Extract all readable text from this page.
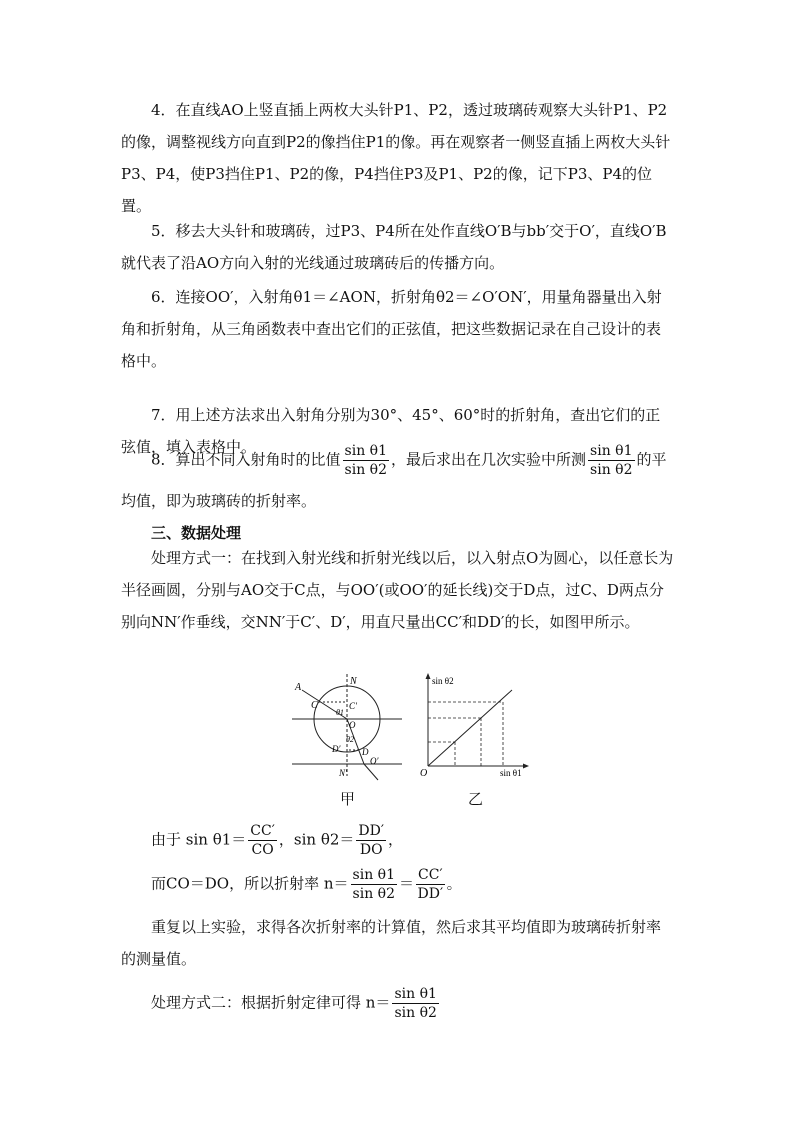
4．在直线AO上竖直插上两枚大头针P1、P2，透过玻璃砖观察大头针P1、P2的像，调整视线方向直到P2的像挡住P1的像。再在观察者一侧竖直插上两枚大头针P3、P4，使P3挡住P1、P2的像，P4挡住P3及P1、P2的像，记下P3、P4的位置。

5．移去大头针和玻璃砖，过P3、P4所在处作直线O′B与bb′交于O′，直线O′B就代表了沿AO方向入射的光线通过玻璃砖后的传播方向。

6．连接OO′，入射角θ1＝∠AON，折射角θ2＝∠O′ON′，用量角器量出入射角和折射角，从三角函数表中查出它们的正弦值，把这些数据记录在自己设计的表格中。

7．用上述方法求出入射角分别为30°、45°、60°时的折射角，查出它们的正弦值，填入表格中。

8．算出不同入射角时的比值 $\frac{\text{sin θ1}}{\text{sin θ2}}$ ，最后求出在几次实验中所测 $\frac{\text{sin θ1}}{\text{sin θ2}}$ 的平
均值，即为玻璃砖的折射率。
三、数据处理

处理方式一：在找到入射光线和折射光线以后，以入射点O为圆心，以任意长为半径画圆，分别与AO交于C点，与OO′(或OO′的延长线)交于D点，过C、D两点分别向NN′作垂线，交NN′于C′、D′，用直尺量出CC′和DD′的长，如图甲所示。

A
N
C	C′
O
θ1
θ2
D′ D
O′
N′
甲
sin θ2
sin θ1
O
乙
由于 $\sin \theta 1= \frac{CC'}{CO}$ ，$\sin \theta 2= \frac{DD'}{DO}$ ，
而CO＝DO，所以折射率 $n= \frac{\text{sin θ1}}{\text{sin θ2}} = \frac{CC'}{DD'}$ 。

重复以上实验，求得各次折射率的计算值，然后求其平均值即为玻璃砖折射率的测量值。

处理方式二：根据折射定律可得 $n= \frac{\text{sin θ1}}{\text{sin θ2}}$
